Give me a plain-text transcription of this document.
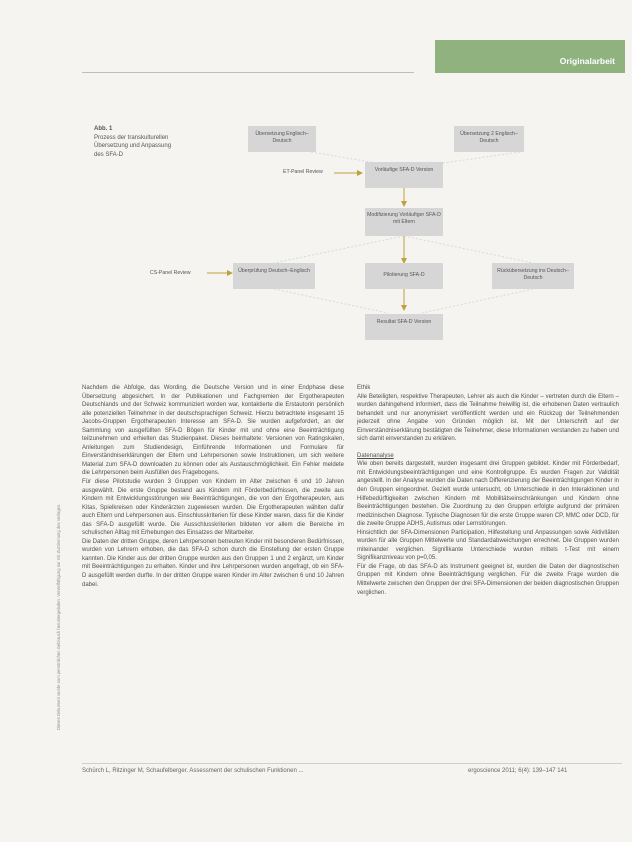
Dieses Dokument wurde zum persönlichen Gebrauch heruntergeladen. Vervielfältigung nur mit Zustimmung des Verlages.
Originalarbeit
Abb. 1
Prozess der transkulturellen Übersetzung und Anpassung des SFA-D
Übersetzung Englisch–Deutsch
Übersetzung 2 Englisch–Deutsch
Vorläufige SFA-D Version
Modifizierung Vorläufiger SFA-D mit Eltern
Überprüfung Deutsch–Englisch
Pilotierung SFA-D
Rückübersetzung ins Deutsch–Deutsch
Resultat SFA-D Version
ET-Panel Review
CS-Panel Review

Nachdem die Abfolge, das Wording, die Deutsche Version und in einer Endphase diese Übersetzung abgesichert. In der Publikationen und Fachgremien der Ergotherapeuten Deutschlands und der Schweiz kommuniziert worden war, kontaktierte die Erstautorin persönlich alle potenziellen Teilnehmer in der deutschsprachigen Schweiz. Hierzu betrachtete insgesamt 15 Jacobs-Gruppen Ergotherapeuten Interesse am SFA-D. Sie wurden aufgefordert, an der Sammlung von ausgefüllten SFA-D Bögen für Kinder mit und ohne eine Beeinträchtigung teilzunehmen und erhielten das Studienpaket. Dieses beinhaltete: Versionen von Ratingskalen, Anleitungen zum Studiendesign, Einführende Informationen und Formulare für Einverständniserklärungen der Eltern und Lehrpersonen sowie Instruktionen, um sich weitere Material zum SFA-D downloaden zu können oder als Austauschmöglichkeit. Ein Fehler meldete die Lehrpersonen beim Ausfüllen des Fragebogens.

Für diese Pilotstudie wurden 3 Gruppen von Kindern im Alter zwischen 6 und 10 Jahren ausgewählt. Die erste Gruppe bestand aus Kindern mit Förderbedürfnissen, die zweite aus Kindern mit Entwicklungsstörungen wie Beeinträchtigungen, die von den Ergotherapeuten, aus Kitas, Spielkreisen oder Kinderärzten zugewiesen wurden. Die Ergotherapeuten wählten dafür auch Eltern und Lehrpersonen aus. Einschlusskriterien für diese Kinder waren, dass für die Kinder das SFA-D ausgefüllt wurde. Die Ausschlusskriterien bildeten vor allem die Bereiche im schulischen Alltag mit Erhebungen des Einsatzes der Mitarbeiter.

Die Daten der dritten Gruppe, deren Lehrpersonen betreuten Kinder mit besonderen Bedürfnissen, wurden von Lehrern erhoben, die das SFA-D schon durch die Einstellung der ersten Gruppe kannten. Die Kinder aus der dritten Gruppe wurden aus den Gruppen 1 und 2 ergänzt, um Kinder mit Beeinträchtigungen zu erhalten. Kinder und ihre Lehrpersonen wurden angefragt, ob ein SFA-D ausgefüllt werden durfte. In der dritten Gruppe waren Kinder im Alter zwischen 6 und 10 Jahren dabei.

Ethik

Alle Beteiligten, respektive Therapeuten, Lehrer als auch die Kinder – vertreten durch die Eltern – wurden dahingehend informiert, dass die Teilnahme freiwillig ist, die erhobenen Daten vertraulich behandelt und nur anonymisiert veröffentlicht werden und ein Rückzug der Teilnehmenden jederzeit ohne Angabe von Gründen möglich ist. Mit der Unterschrift auf der Einverständniserklärung bestätigten die Teilnehmer, diese Informationen verstanden zu haben und sich damit einverstanden zu erklären.

Datenanalyse

Wie oben bereits dargestellt, wurden insgesamt drei Gruppen gebildet. Kinder mit Förderbedarf, mit Entwicklungsbeeinträchtigungen und eine Kontrollgruppe. Es wurden Fragen zur Validität angestellt. In der Analyse wurden die Daten nach Differenzierung der Beeinträchtigungen Kinder in den Gruppen eingeordnet. Gezielt wurde untersucht, ob Unterschiede in den Interaktionen und Hilfebedürftigkeiten zwischen Kindern mit Mobilitätseinschränkungen und Kindern ohne Beeinträchtigungen bestehen. Die Zuordnung zu den Gruppen erfolgte aufgrund der primären medizinischen Diagnose. Typische Diagnosen für die erste Gruppe waren CP, MMC oder DCD, für die zweite Gruppe ADHS, Autismus oder Lernstörungen.

Hinsichtlich der SFA-Dimensionen Participation, Hilfestellung und Anpassungen sowie Aktivitäten wurden für alle Gruppen Mittelwerte und Standardabweichungen errechnet. Die Gruppen wurden miteinander verglichen. Signifikante Unterschiede wurden mittels t-Test mit einem Signifikanzniveau von p=0,05.

Für die Frage, ob das SFA-D als Instrument geeignet ist, wurden die Daten der diagnostischen Gruppen mit Kindern ohne Beeinträchtigung verglichen. Für die zweite Frage wurden die Mittelwerte zwischen den Gruppen der drei SFA-Dimensionen der beiden diagnostischen Gruppen verglichen.

Schürch L, Ritzinger M, Schaufelberger. Assessment der schulischen Funktionen ...	ergoscience 2011; 6(4): 139–147 141
